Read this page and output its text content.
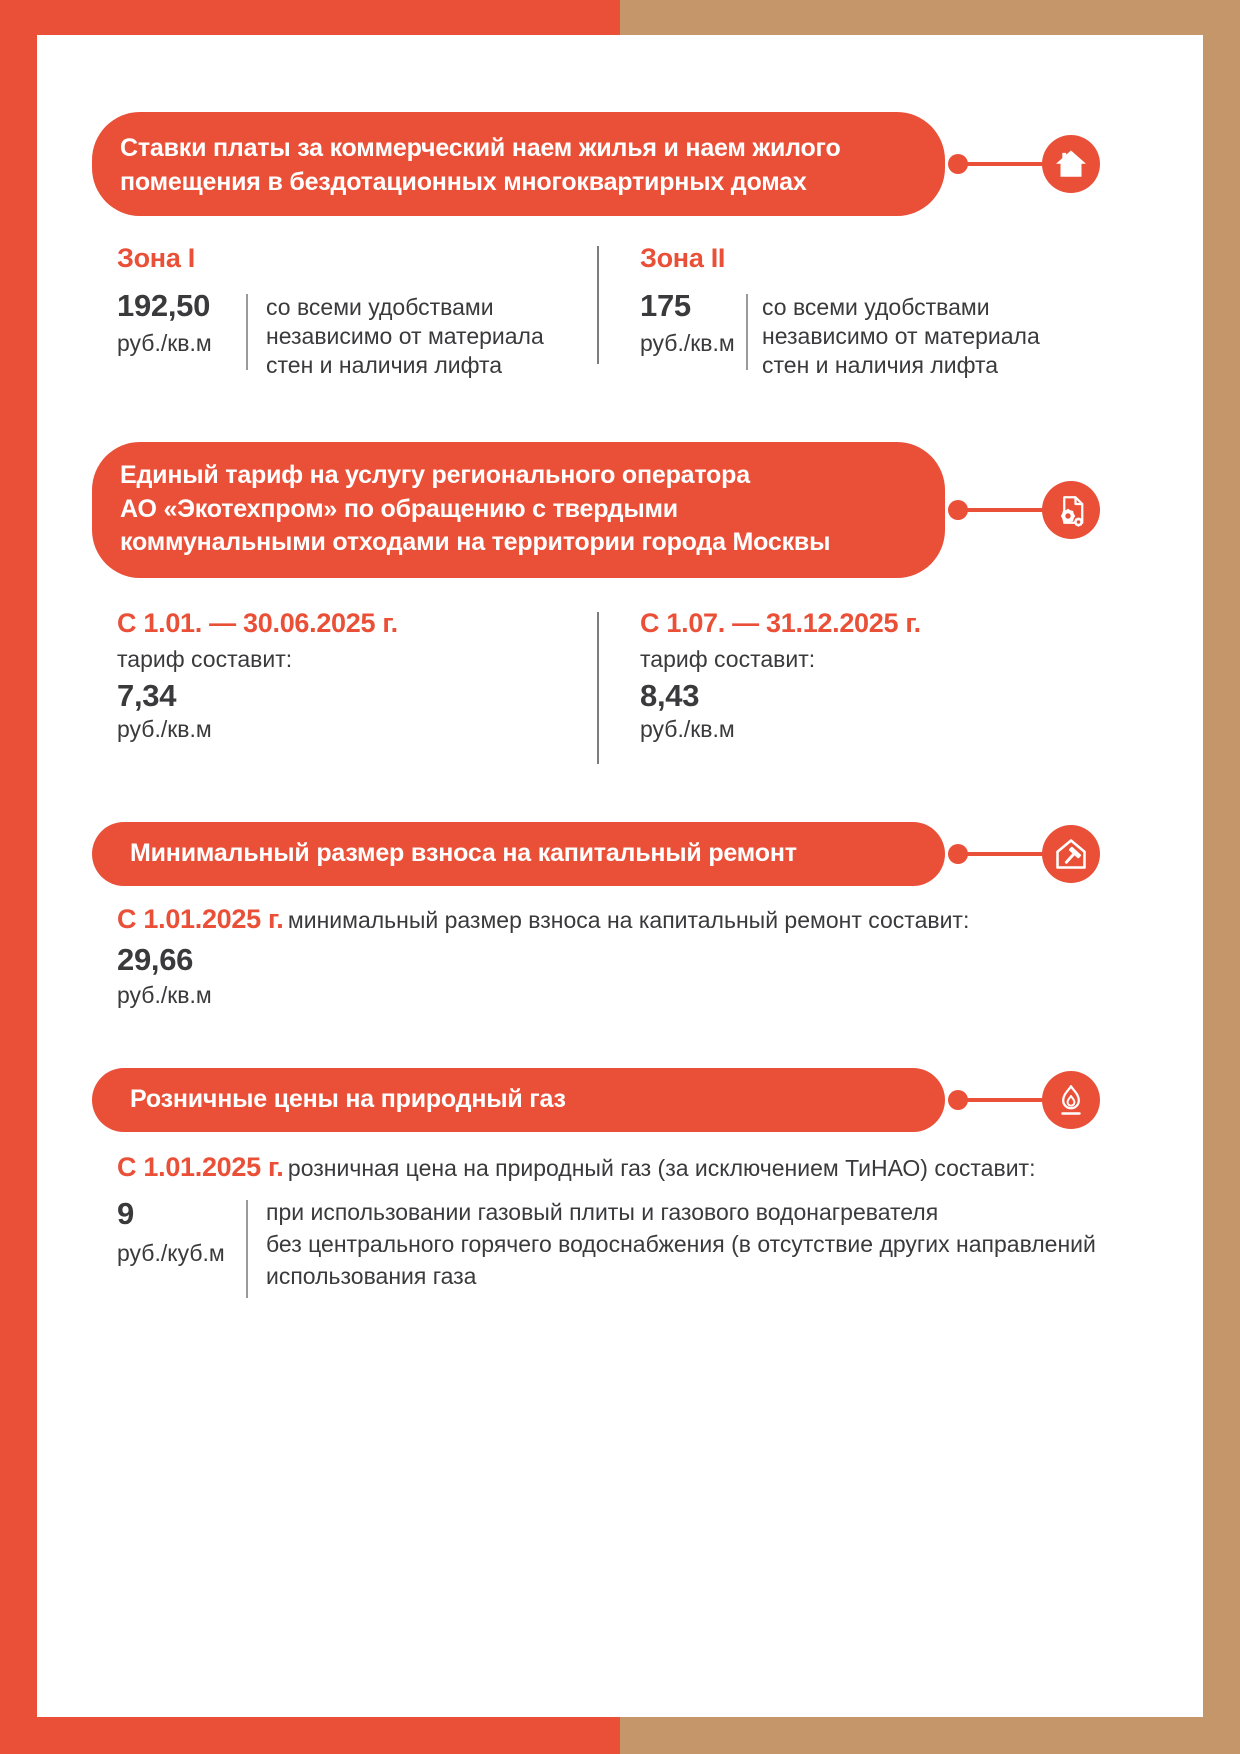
Ставки платы за коммерческий наем жилья и наем жилого
помещения в бездотационных многоквартирных домах
Зона I	Зона II
192,50
руб./кв.м
со всеми удобствами
независимо от материала
стен и наличия лифта
175
руб./кв.м
со всеми удобствами
независимо от материала
стен и наличия лифта
Единый тариф на услугу регионального оператора
АО «Экотехпром» по обращению с твердыми
коммунальными отходами на территории города Москвы
С 1.01. — 30.06.2025 г.
тариф составит:
7,34
руб./кв.м
С 1.07. — 31.12.2025 г.
тариф составит:
8,43
руб./кв.м
Минимальный размер взноса на капитальный ремонт
С 1.01.2025 г. минимальный размер взноса на капитальный ремонт составит:
29,66
руб./кв.м
Розничные цены на природный газ
С 1.01.2025 г. розничная цена на природный газ (за исключением ТиНАО) составит:
9
руб./куб.м
при использовании газовый плиты и газового водонагревателя
без центрального горячего водоснабжения (в отсутствие других направлений
использования газа
